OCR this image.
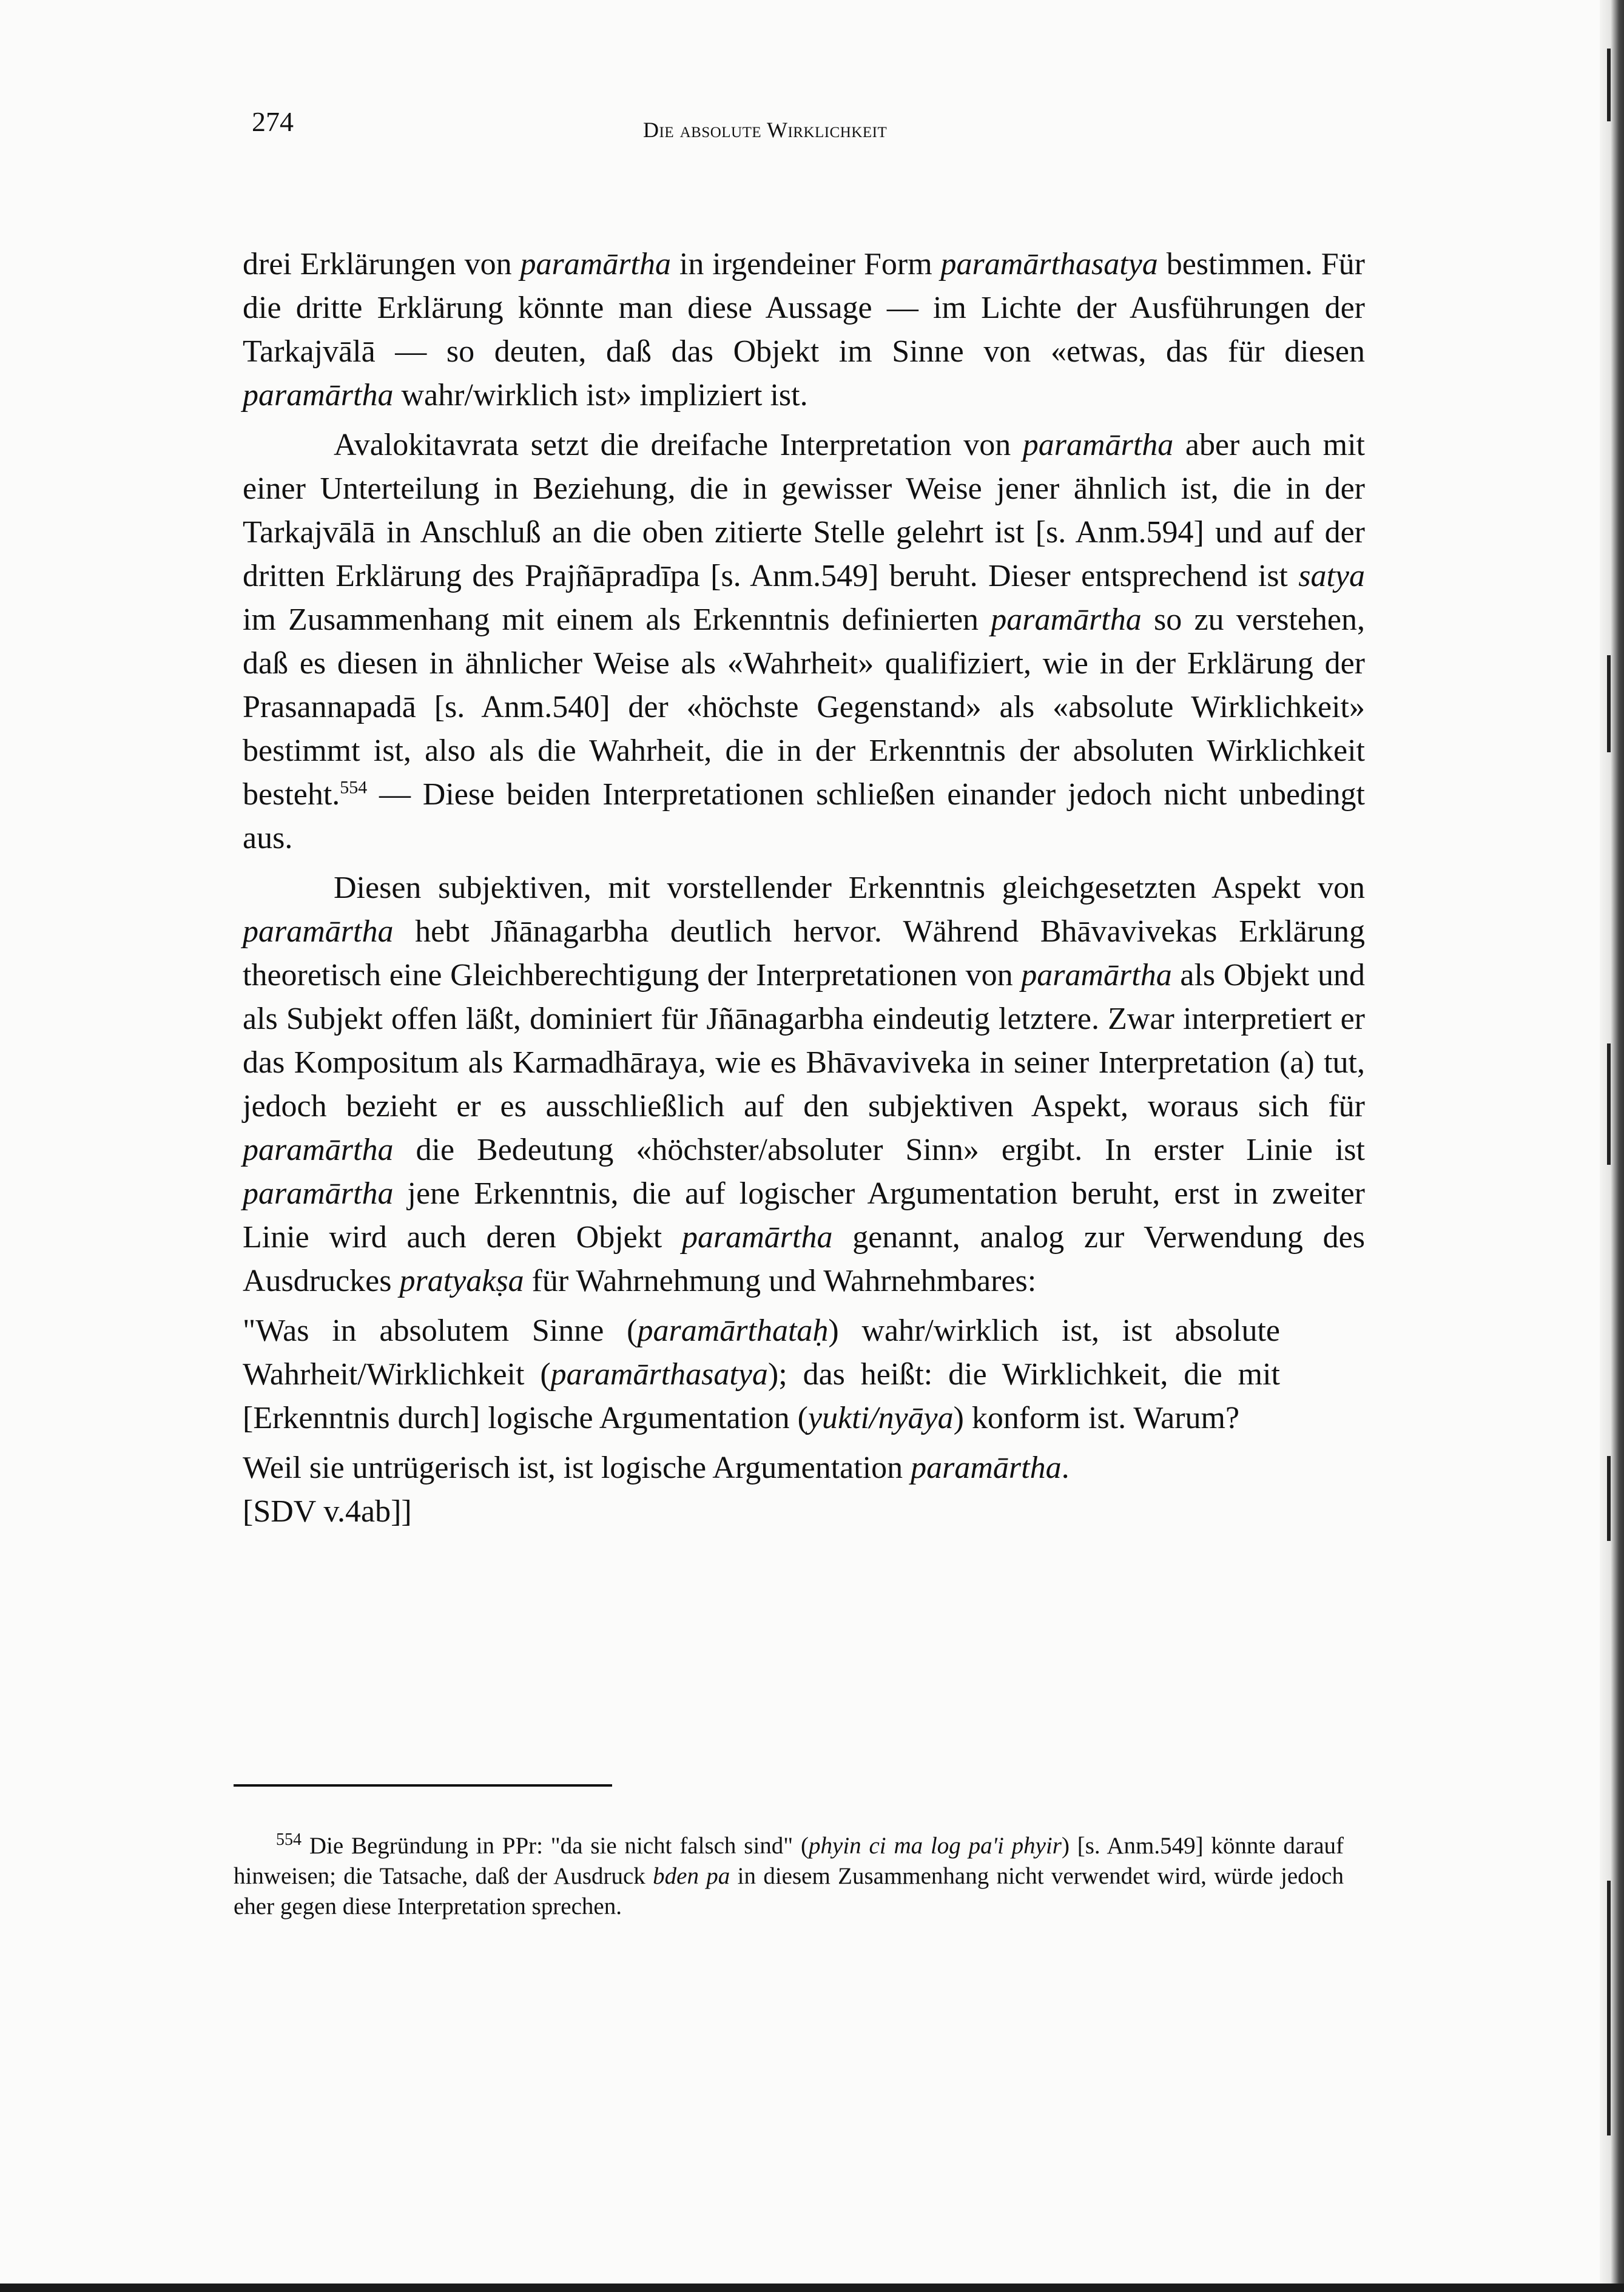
274	Die absolute Wirklichkeit

drei Erklärungen von paramārtha in irgendeiner Form paramārthasatya bestimmen. Für die dritte Erklärung könnte man diese Aussage — im Lichte der Ausführungen der Tarkajvālā — so deuten, daß das Objekt im Sinne von «etwas, das für diesen paramārtha wahr/wirklich ist» impliziert ist.

Avalokitavrata setzt die dreifache Interpretation von paramārtha aber auch mit einer Unterteilung in Beziehung, die in gewisser Weise jener ähnlich ist, die in der Tarkajvālā in Anschluß an die oben zitierte Stelle gelehrt ist [s. Anm.594] und auf der dritten Erklärung des Prajñāpradīpa [s. Anm.549] beruht. Dieser entsprechend ist satya im Zusammenhang mit einem als Erkenntnis definierten paramārtha so zu verstehen, daß es diesen in ähnlicher Weise als «Wahrheit» qualifiziert, wie in der Erklärung der Prasannapadā [s. Anm.540] der «höchste Gegenstand» als «absolute Wirklichkeit» bestimmt ist, also als die Wahrheit, die in der Erkenntnis der absoluten Wirklichkeit besteht.$^{554}$ — Diese beiden Interpretationen schließen einander jedoch nicht unbedingt aus.

Diesen subjektiven, mit vorstellender Erkenntnis gleichgesetzten Aspekt von paramārtha hebt Jñānagarbha deutlich hervor. Während Bhāvavivekas Erklärung theoretisch eine Gleichberechtigung der Interpretationen von paramārtha als Objekt und als Subjekt offen läßt, dominiert für Jñānagarbha eindeutig letztere. Zwar interpretiert er das Kompositum als Karmadhāraya, wie es Bhāvaviveka in seiner Interpretation (a) tut, jedoch bezieht er es ausschließlich auf den subjektiven Aspekt, woraus sich für paramārtha die Bedeutung «höchster/absoluter Sinn» ergibt. In erster Linie ist paramārtha jene Erkenntnis, die auf logischer Argumentation beruht, erst in zweiter Linie wird auch deren Objekt paramārtha genannt, analog zur Verwendung des Ausdruckes pratyakṣa für Wahrnehmung und Wahrnehmbares:

"Was in absolutem Sinne (paramārthataḥ) wahr/wirklich ist, ist absolute Wahrheit/Wirklichkeit (paramārthasatya); das heißt: die Wirklichkeit, die mit [Erkenntnis durch] logische Argumentation (yukti/nyāya) konform ist. Warum?

Weil sie untrügerisch ist, ist logische Argumentation paramārtha.
[SDV v.4ab]]

$^{554}$ Die Begründung in PPr: "da sie nicht falsch sind" (phyin ci ma log pa'i phyir) [s. Anm.549] könnte darauf hinweisen; die Tatsache, daß der Ausdruck bden pa in diesem Zusammenhang nicht verwendet wird, würde jedoch eher gegen diese Interpretation sprechen.
